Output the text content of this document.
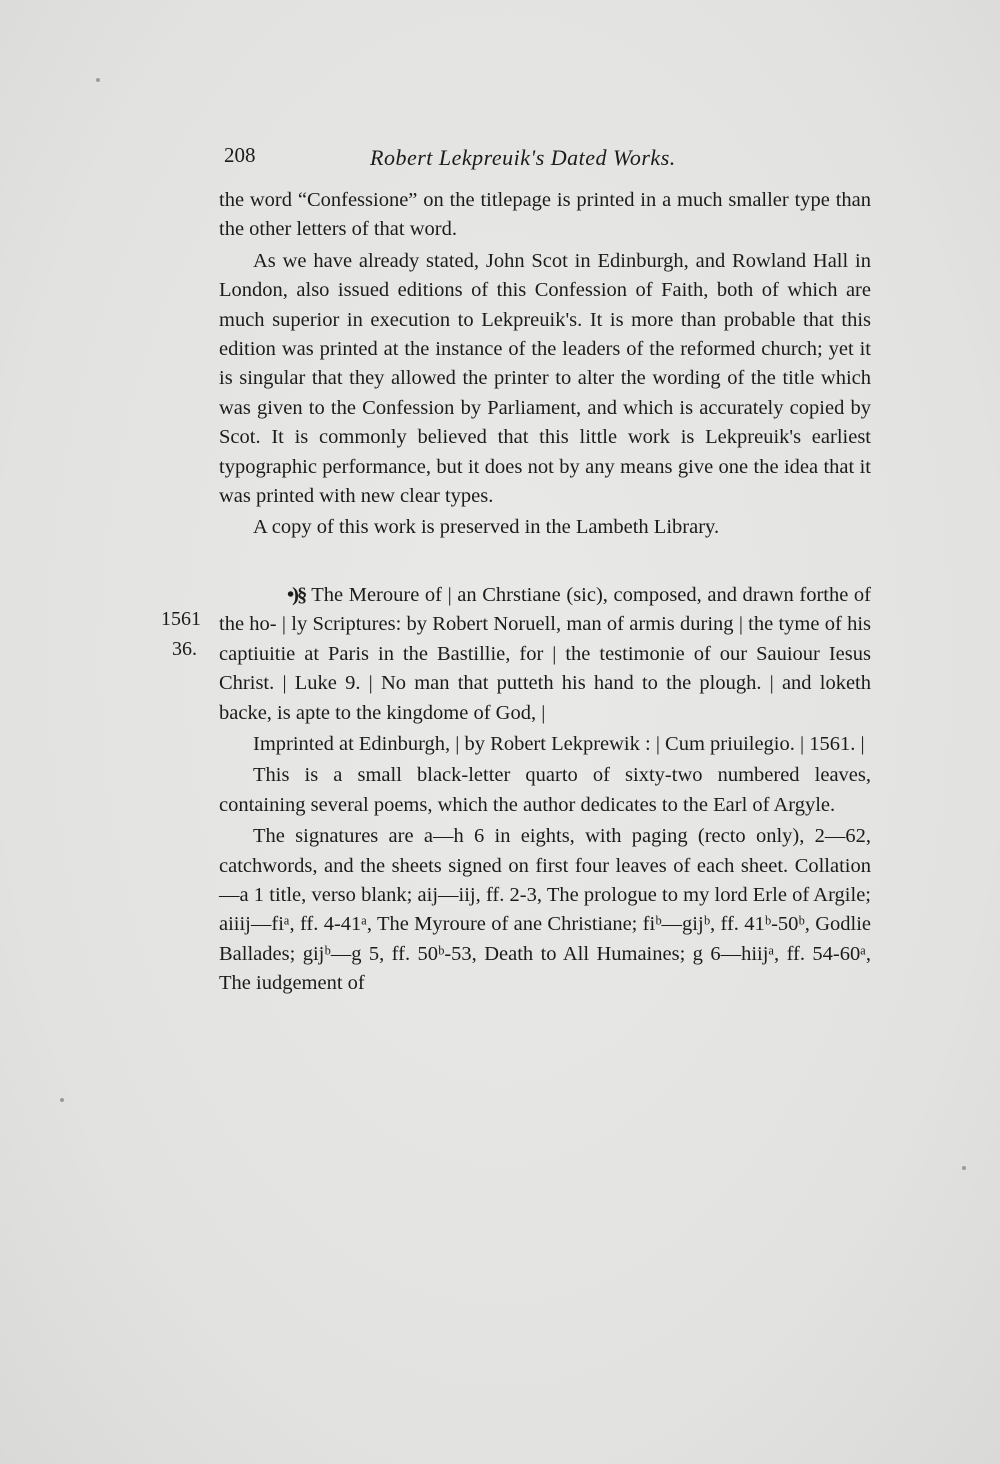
208	Robert Lekpreuik's Dated Works.
1561
36.

the word “Confessione” on the titlepage is printed in a much smaller type than the other letters of that word.

As we have already stated, John Scot in Edinburgh, and Rowland Hall in London, also issued editions of this Confession of Faith, both of which are much superior in execution to Lekpreuik's. It is more than probable that this edition was printed at the instance of the leaders of the reformed church; yet it is singular that they allowed the printer to alter the wording of the title which was given to the Confession by Parliament, and which is accurately copied by Scot. It is commonly believed that this little work is Lekpreuik's earliest typographic performance, but it does not by any means give one the idea that it was printed with new clear types.

A copy of this work is preserved in the Lambeth Library.

•)§ The Meroure of | an Chrstiane (sic), composed, and drawn forthe of the ho- | ly Scriptures: by Robert Noruell, man of armis during | the tyme of his captiuitie at Paris in the Bastillie, for | the testimonie of our Sauiour Iesus Christ. | Luke 9. | No man that putteth his hand to the plough. | and loketh backe, is apte to the kingdome of God, |

Imprinted at Edinburgh, | by Robert Lekprewik : | Cum priuilegio. | 1561. |

This is a small black-letter quarto of sixty-two numbered leaves, containing several poems, which the author dedicates to the Earl of Argyle.

The signatures are a—h 6 in eights, with paging (recto only), 2—62, catchwords, and the sheets signed on first four leaves of each sheet. Collation—a 1 title, verso blank; aij—iij, ff. 2-3, The prologue to my lord Erle of Argile; aiiij—fiᵃ, ff. 4-41ᵃ, The Myroure of ane Christiane; fiᵇ—gijᵇ, ff. 41ᵇ-50ᵇ, Godlie Ballades; gijᵇ—g 5, ff. 50ᵇ-53, Death to All Humaines; g 6—hiijᵃ, ff. 54-60ᵃ, The iudgement of
